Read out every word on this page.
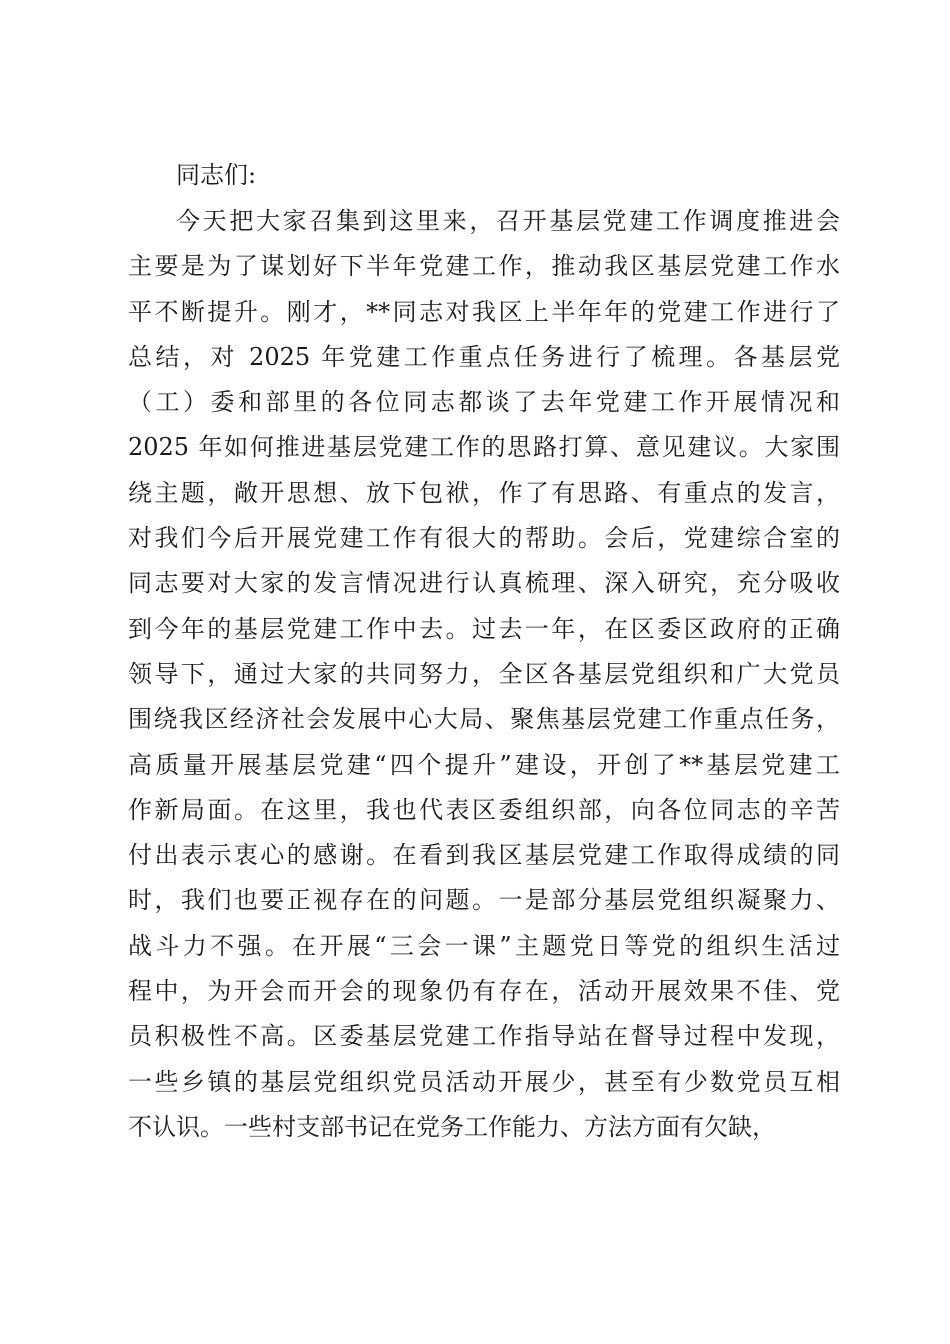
同志们:

今天把大家召集到这里来，召开基层党建工作调度推进会
主要是为了谋划好下半年党建工作，推动我区基层党建工作水
平不断提升。刚才，**同志对我区上半年年的党建工作进行了
总结，对 2025 年党建工作重点任务进行了梳理。各基层党
（工）委和部里的各位同志都谈了去年党建工作开展情况和
2025 年如何推进基层党建工作的思路打算、意见建议。大家围
绕主题，敞开思想、放下包袱，作了有思路、有重点的发言，
对我们今后开展党建工作有很大的帮助。会后，党建综合室的
同志要对大家的发言情况进行认真梳理、深入研究，充分吸收
到今年的基层党建工作中去。过去一年，在区委区政府的正确
领导下，通过大家的共同努力，全区各基层党组织和广大党员
围绕我区经济社会发展中心大局、聚焦基层党建工作重点任务，
高质量开展基层党建“四个提升”建设，开创了**基层党建工
作新局面。在这里，我也代表区委组织部，向各位同志的辛苦
付出表示衷心的感谢。在看到我区基层党建工作取得成绩的同
时，我们也要正视存在的问题。一是部分基层党组织凝聚力、
战斗力不强。在开展“三会一课”主题党日等党的组织生活过
程中，为开会而开会的现象仍有存在，活动开展效果不佳、党
员积极性不高。区委基层党建工作指导站在督导过程中发现，
一些乡镇的基层党组织党员活动开展少，甚至有少数党员互相
不认识。一些村支部书记在党务工作能力、方法方面有欠缺，
